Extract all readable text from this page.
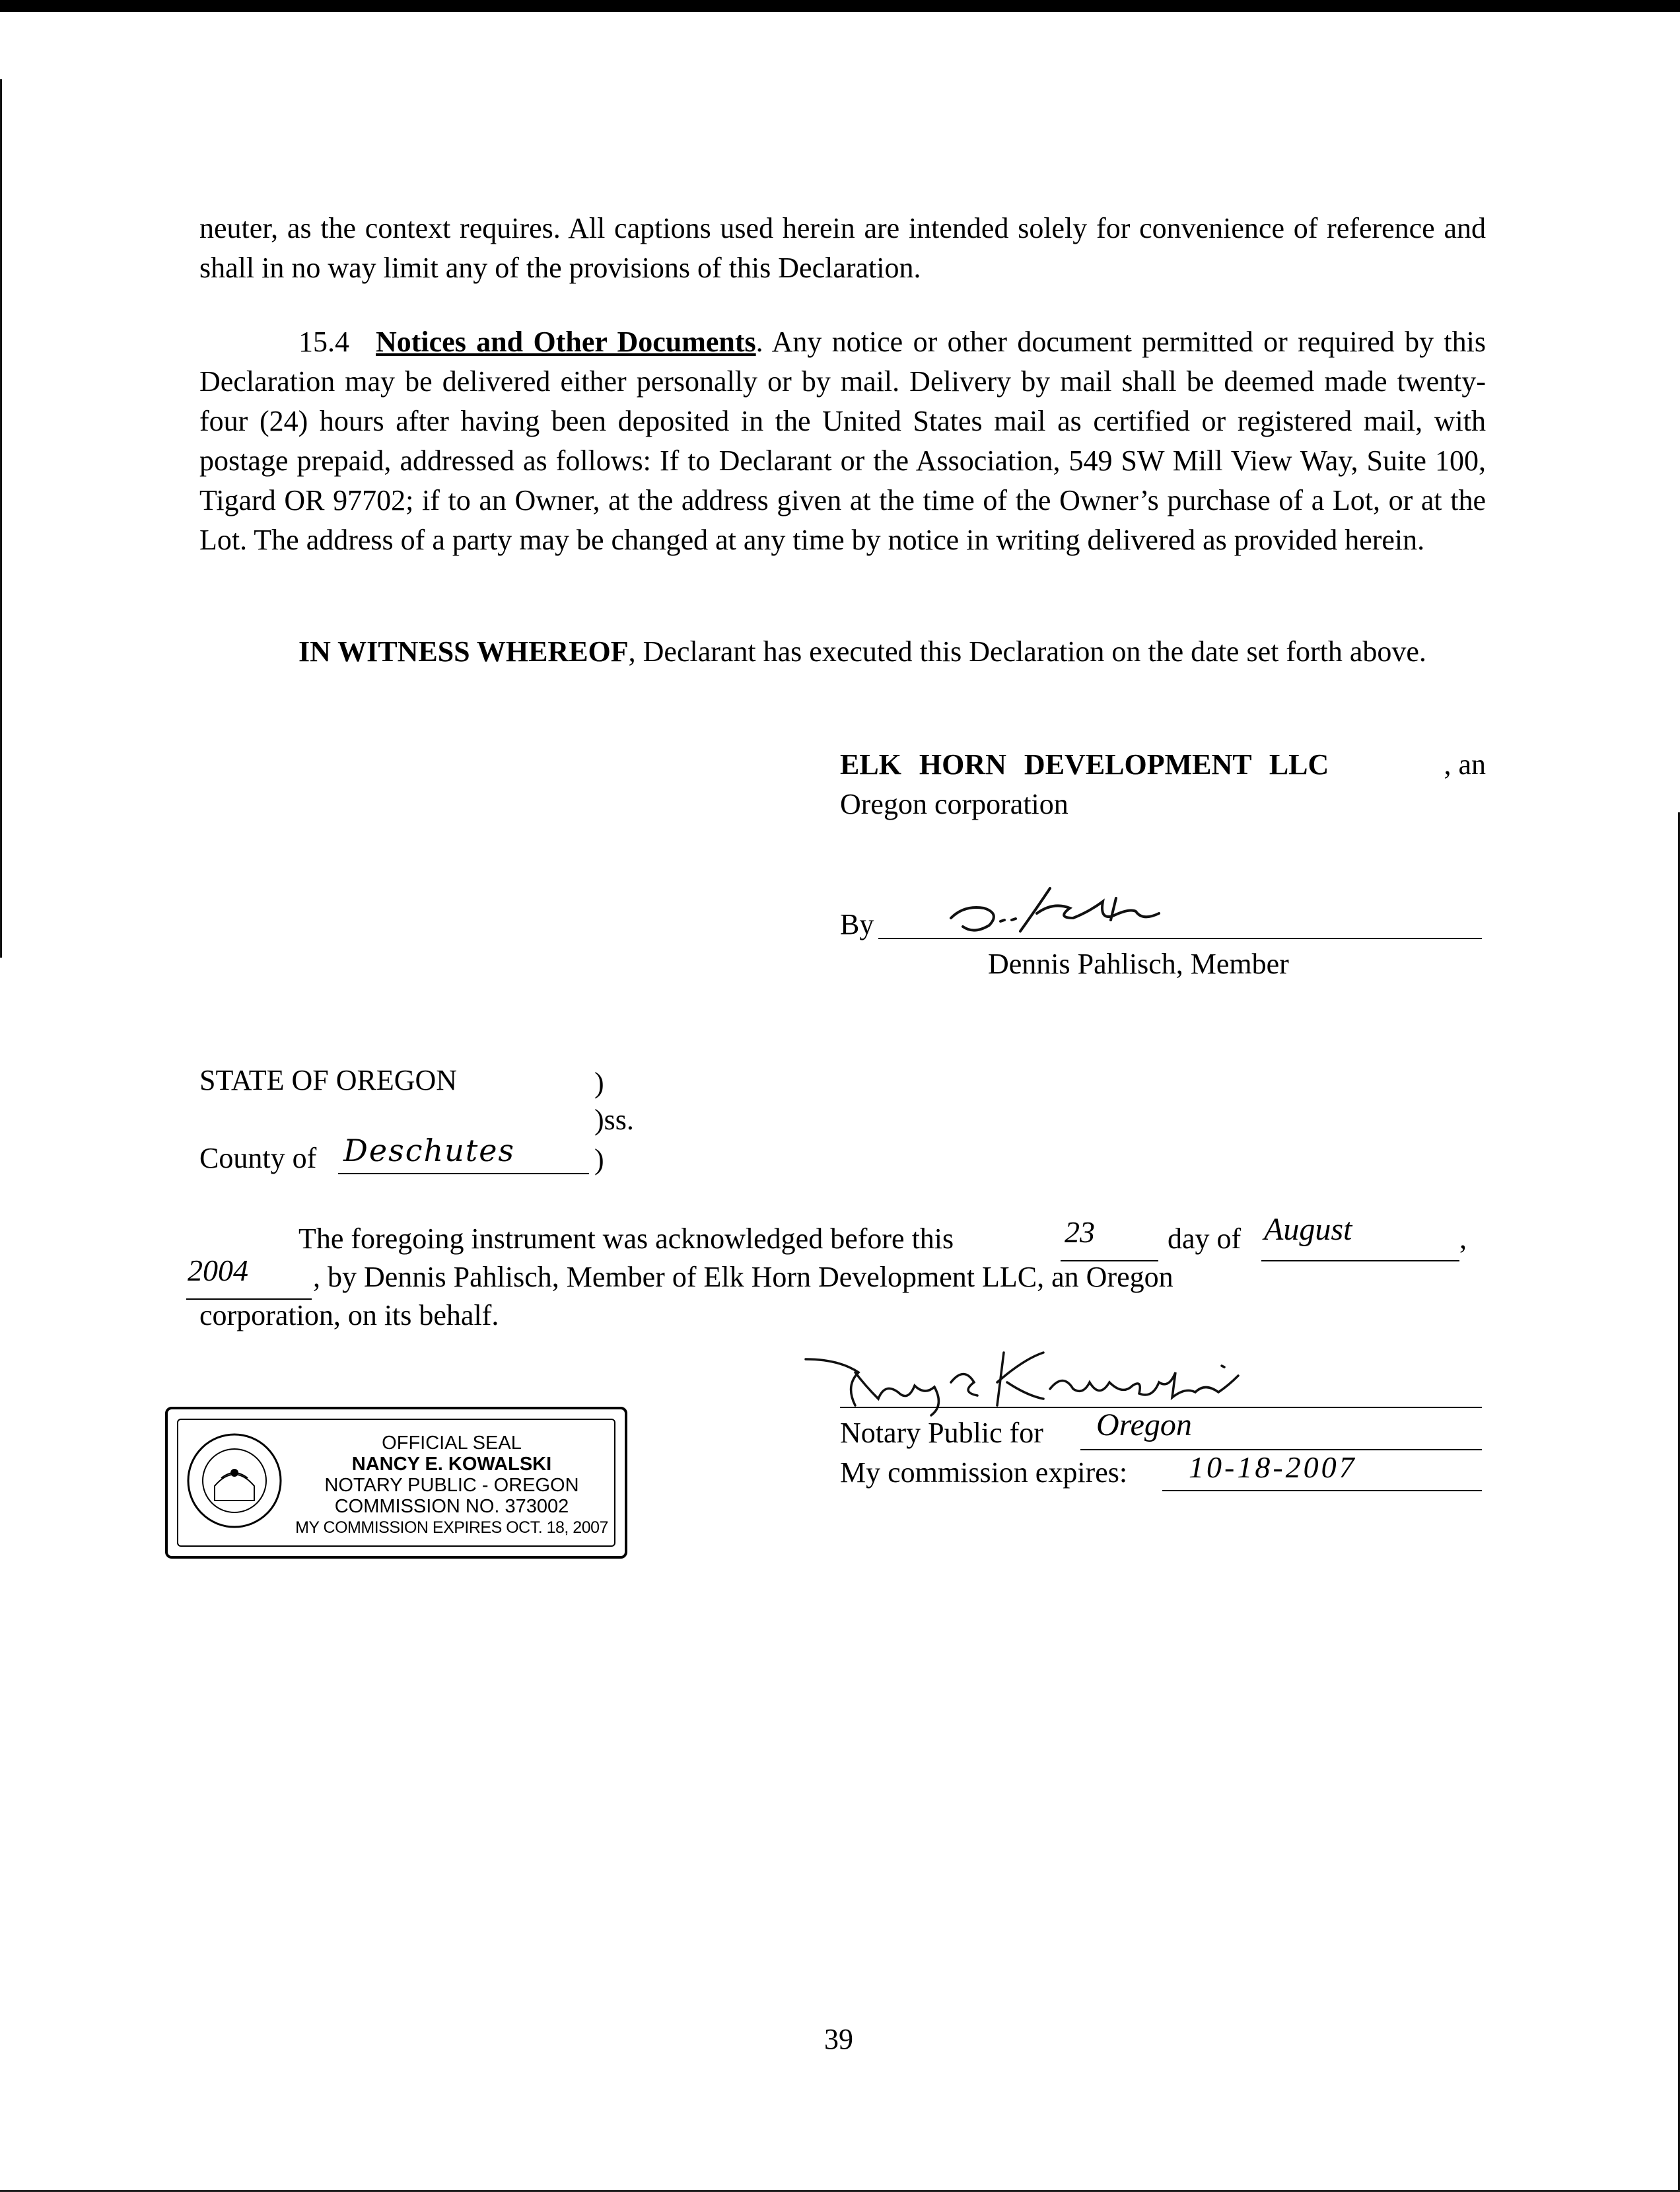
neuter, as the context requires. All captions used herein are intended solely for convenience of reference and shall in no way limit any of the provisions of this Declaration.

15.4 Notices and Other Documents. Any notice or other document permitted or required by this Declaration may be delivered either personally or by mail. Delivery by mail shall be deemed made twenty-four (24) hours after having been deposited in the United States mail as certified or registered mail, with postage prepaid, addressed as follows: If to Declarant or the Association, 549 SW Mill View Way, Suite 100, Tigard OR 97702; if to an Owner, at the address given at the time of the Owner’s purchase of a Lot, or at the Lot. The address of a party may be changed at any time by notice in writing delivered as provided herein.

IN WITNESS WHEREOF, Declarant has executed this Declaration on the date set forth above.

ELK HORN DEVELOPMENT LLC	, an
Oregon corporation
By
Dennis Pahlisch, Member
STATE OF OREGON	)
)ss.
County of Deschutes	)
The foregoing instrument was acknowledged before this	23	day of August	,
2004 , by Dennis Pahlisch, Member of Elk Horn Development LLC, an Oregon
corporation, on its behalf.
Notary Public for Oregon
My commission expires: 10-18-2007
OFFICIAL SEAL
NANCY E. KOWALSKI
NOTARY PUBLIC - OREGON
COMMISSION NO. 373002
MY COMMISSION EXPIRES OCT. 18, 2007
39
